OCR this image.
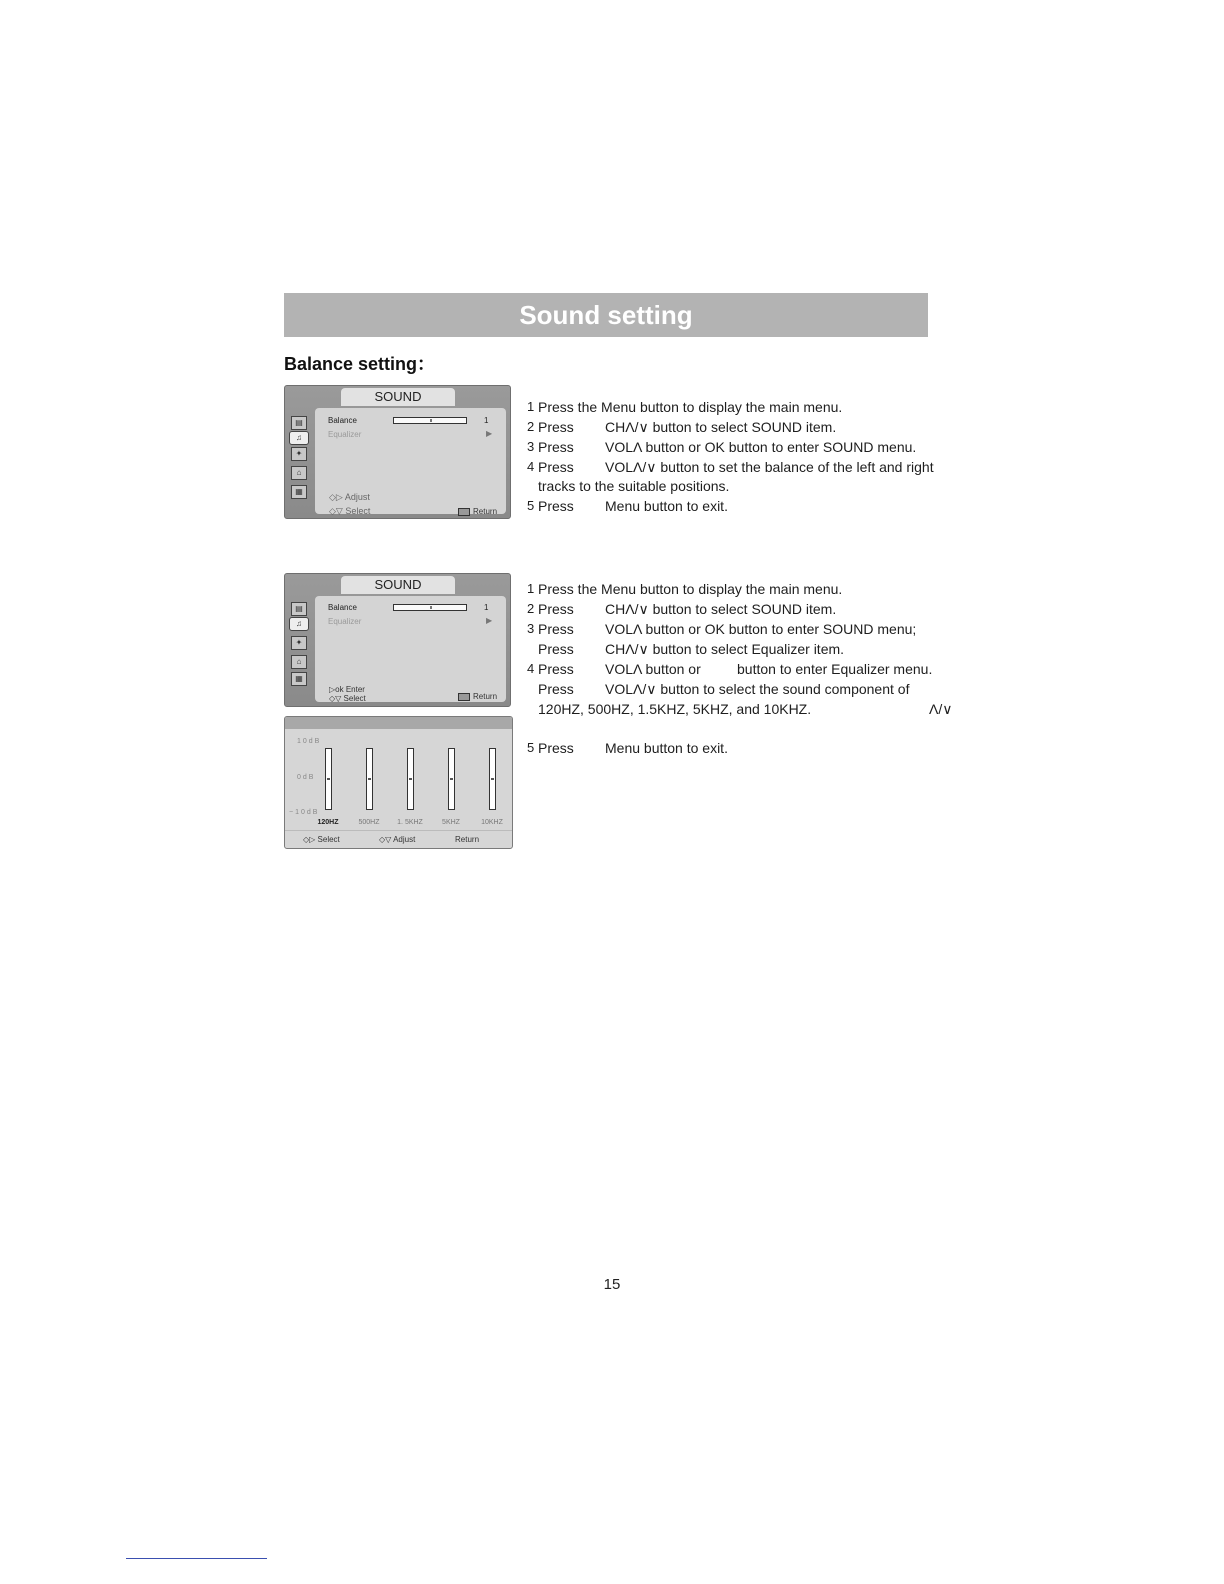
Sound setting
Balance setting：
SOUND
▤
♫
✦
⌂
▦
Balance	1
Equalizer	▶
◇▷ Adjust
◇▽ Select	Return
1 Press the Menu button to display the main menu.
2 Press CHΛ/∨ button to select SOUND item.
3 Press VOLΛ button or OK button to enter SOUND menu.
4 Press VOLΛ/∨ button to set the balance of the left and right
tracks to the suitable positions.
5 Press Menu button to exit.
SOUND
▤
♫
✦
⌂
▦
Balance	1
Equalizer	▶
▷ok Enter
◇▽ Select	Return
10dB
0dB
−10dB
◇▷ Select	◇▽ Adjust	Return
120HZ	500HZ	1. 5KHZ	5KHZ	10KHZ
1 Press the Menu button to display the main menu.
2 Press CHΛ/∨ button to select SOUND item.
3 Press VOLΛ button or OK button to enter SOUND menu;
Press CHΛ/∨ button to select Equalizer item.
4 Press VOLΛ button or	button to enter Equalizer menu.
Press VOLΛ/∨ button to select the sound component of
120HZ, 500HZ, 1.5KHZ, 5KHZ, and 10KHZ.	Λ/∨
5 Press Menu button to exit.
15
